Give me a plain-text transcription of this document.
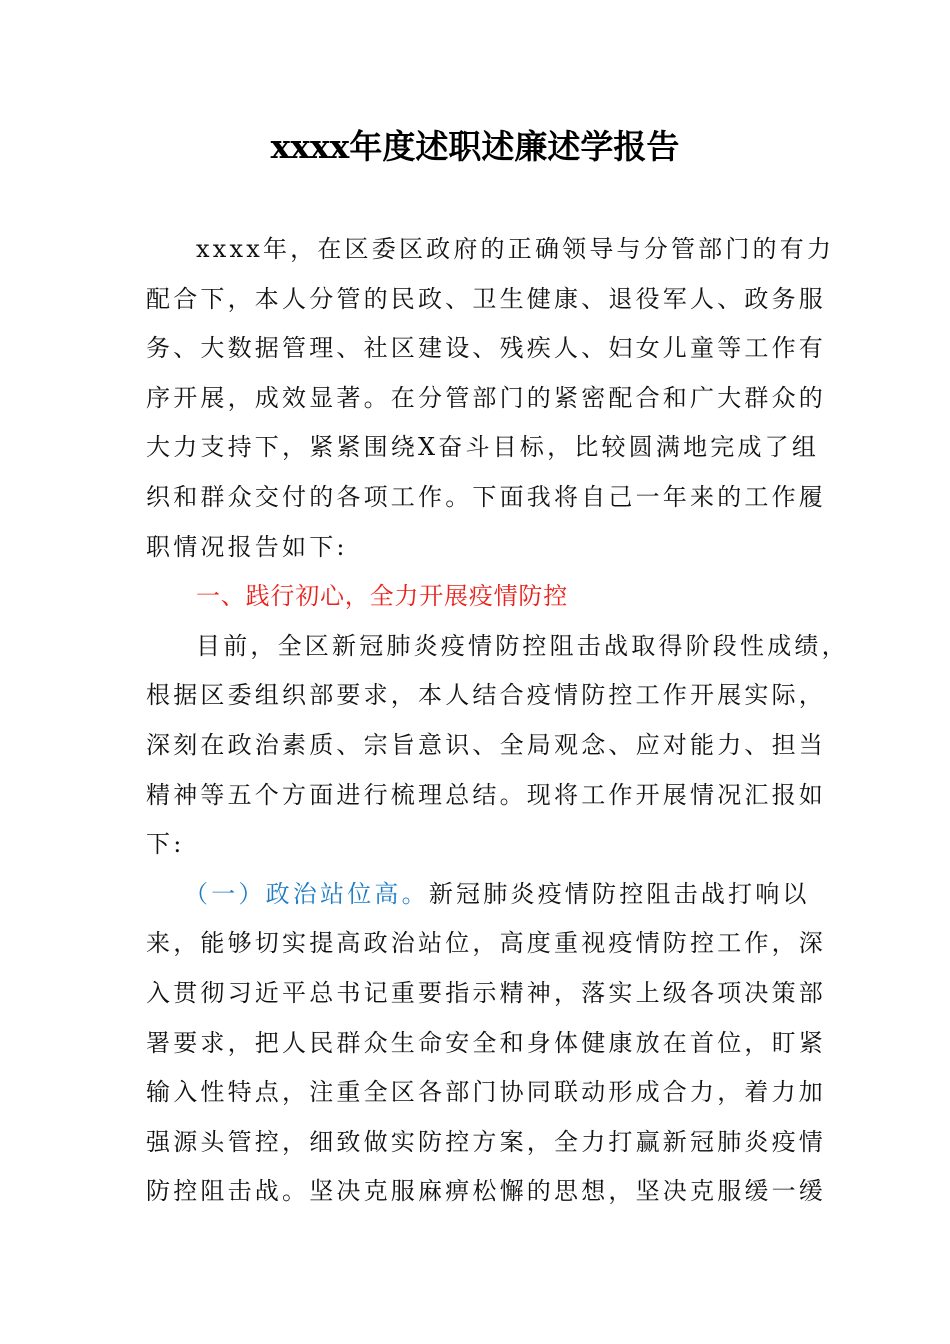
xxxx年度述职述廉述学报告
xxxx年，在区委区政府的正确领导与分管部门的有力
配合下，本人分管的民政、卫生健康、退役军人、政务服
务、大数据管理、社区建设、残疾人、妇女儿童等工作有
序开展，成效显著。在分管部门的紧密配合和广大群众的
大力支持下，紧紧围绕X奋斗目标，比较圆满地完成了组
织和群众交付的各项工作。下面我将自己一年来的工作履
职情况报告如下:
一、践行初心，全力开展疫情防控
目前，全区新冠肺炎疫情防控阻击战取得阶段性成绩，
根据区委组织部要求，本人结合疫情防控工作开展实际，
深刻在政治素质、宗旨意识、全局观念、应对能力、担当
精神等五个方面进行梳理总结。现将工作开展情况汇报如
下:
（一）政治站位高。新冠肺炎疫情防控阻击战打响以
来，能够切实提高政治站位，高度重视疫情防控工作，深
入贯彻习近平总书记重要指示精神，落实上级各项决策部
署要求，把人民群众生命安全和身体健康放在首位，盯紧
输入性特点，注重全区各部门协同联动形成合力，着力加
强源头管控，细致做实防控方案，全力打赢新冠肺炎疫情
防控阻击战。坚决克服麻痹松懈的思想，坚决克服缓一缓
